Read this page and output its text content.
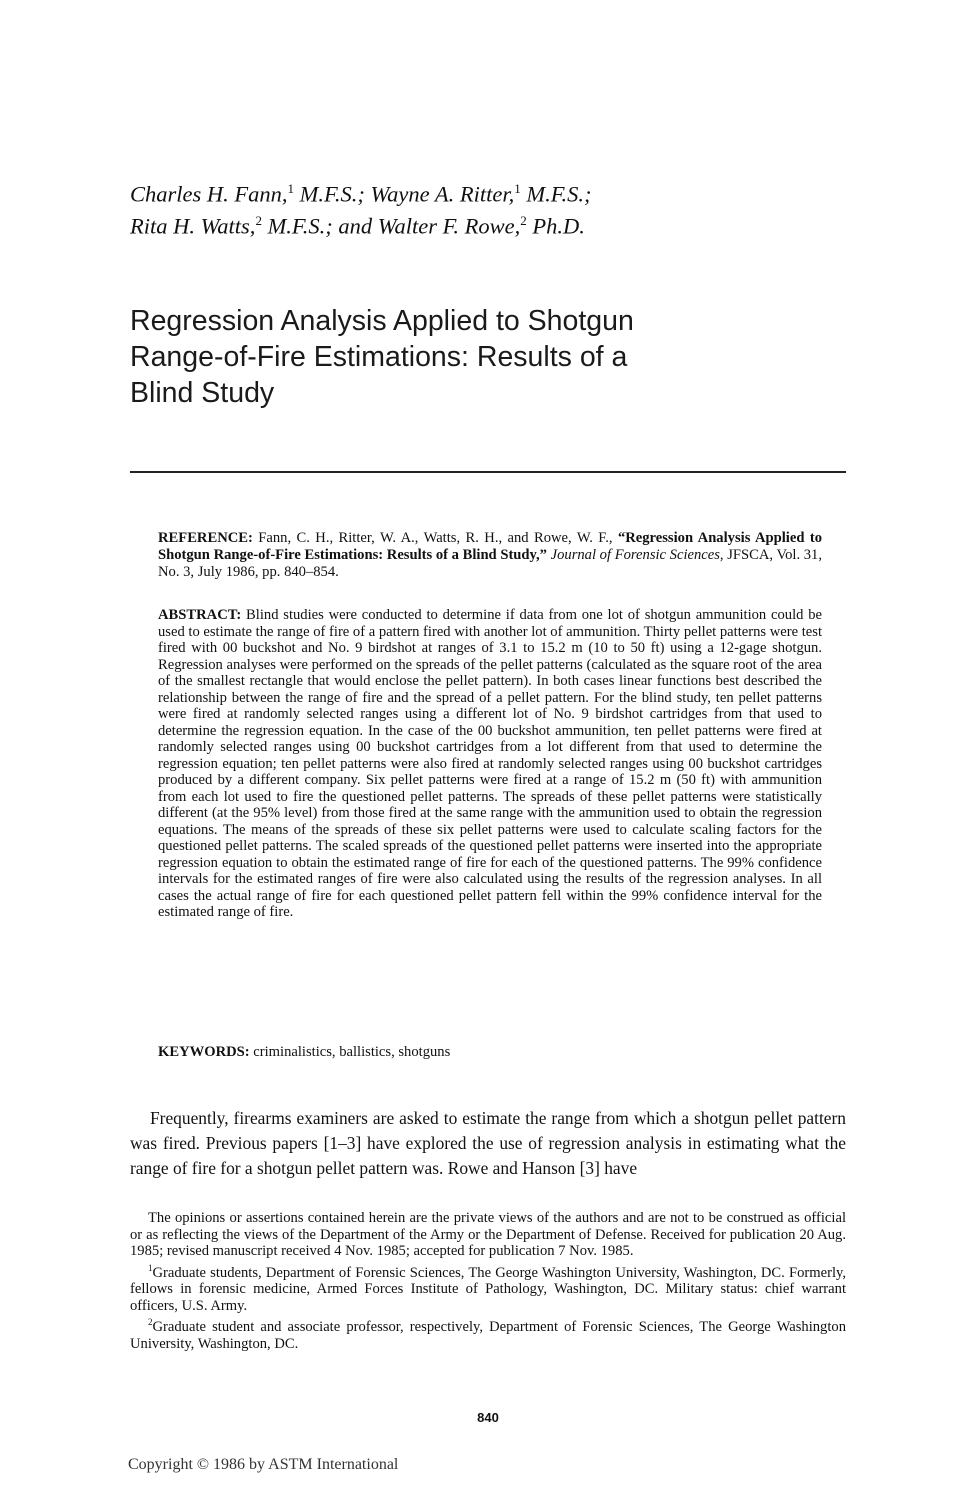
Charles H. Fann,$^1$ M.F.S.; Wayne A. Ritter,$^1$ M.F.S.;
Rita H. Watts,$^2$ M.F.S.; and Walter F. Rowe,$^2$ Ph.D.
Regression Analysis Applied to Shotgun
Range-of-Fire Estimations: Results of a
Blind Study
REFERENCE: Fann, C. H., Ritter, W. A., Watts, R. H., and Rowe, W. F., “Regression Analysis Applied to Shotgun Range-of-Fire Estimations: Results of a Blind Study,” Journal of Forensic Sciences, JFSCA, Vol. 31, No. 3, July 1986, pp. 840–854.
ABSTRACT: Blind studies were conducted to determine if data from one lot of shotgun ammunition could be used to estimate the range of fire of a pattern fired with another lot of ammunition. Thirty pellet patterns were test fired with 00 buckshot and No. 9 birdshot at ranges of 3.1 to 15.2 m (10 to 50 ft) using a 12-gage shotgun. Regression analyses were performed on the spreads of the pellet patterns (calculated as the square root of the area of the smallest rectangle that would enclose the pellet pattern). In both cases linear functions best described the relationship between the range of fire and the spread of a pellet pattern. For the blind study, ten pellet patterns were fired at randomly selected ranges using a different lot of No. 9 birdshot cartridges from that used to determine the regression equation. In the case of the 00 buckshot ammunition, ten pellet patterns were fired at randomly selected ranges using 00 buckshot cartridges from a lot different from that used to determine the regression equation; ten pellet patterns were also fired at randomly selected ranges using 00 buckshot cartridges produced by a different company. Six pellet patterns were fired at a range of 15.2 m (50 ft) with ammunition from each lot used to fire the questioned pellet patterns. The spreads of these pellet patterns were statistically different (at the 95% level) from those fired at the same range with the ammunition used to obtain the regression equations. The means of the spreads of these six pellet patterns were used to calculate scaling factors for the questioned pellet patterns. The scaled spreads of the questioned pellet patterns were inserted into the appropriate regression equation to obtain the estimated range of fire for each of the questioned patterns. The 99% confidence intervals for the estimated ranges of fire were also calculated using the results of the regression analyses. In all cases the actual range of fire for each questioned pellet pattern fell within the 99% confidence interval for the estimated range of fire.
KEYWORDS: criminalistics, ballistics, shotguns
Frequently, firearms examiners are asked to estimate the range from which a shotgun pellet pattern was fired. Previous papers [1–3] have explored the use of regression analysis in estimating what the range of fire for a shotgun pellet pattern was. Rowe and Hanson [3] have

The opinions or assertions contained herein are the private views of the authors and are not to be construed as official or as reflecting the views of the Department of the Army or the Department of Defense. Received for publication 20 Aug. 1985; revised manuscript received 4 Nov. 1985; accepted for publication 7 Nov. 1985.

$^1$Graduate students, Department of Forensic Sciences, The George Washington University, Washington, DC. Formerly, fellows in forensic medicine, Armed Forces Institute of Pathology, Washington, DC. Military status: chief warrant officers, U.S. Army.

$^2$Graduate student and associate professor, respectively, Department of Forensic Sciences, The George Washington University, Washington, DC.

840
Copyright © 1986 by ASTM International
